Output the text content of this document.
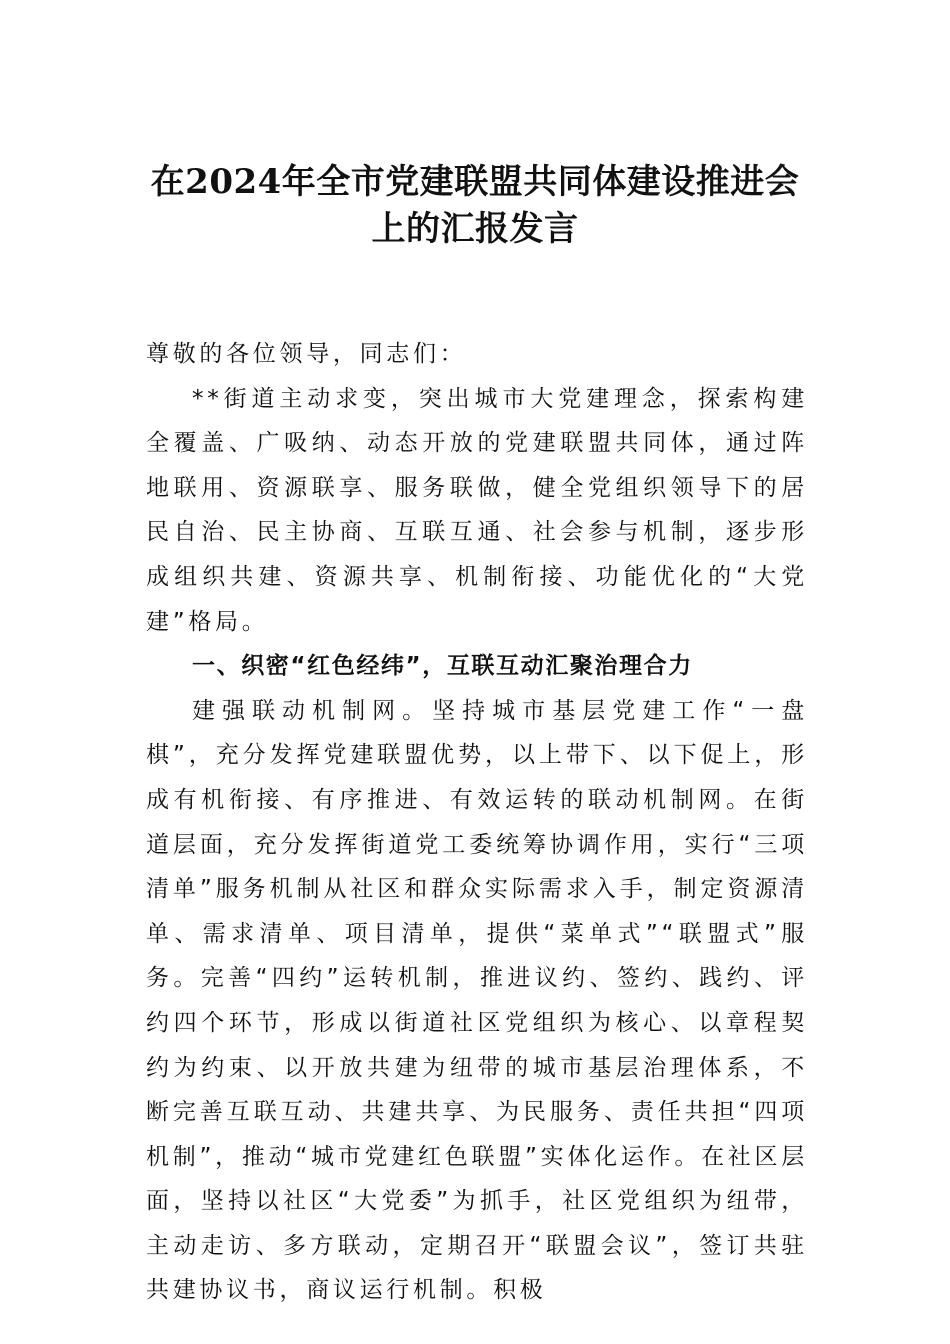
在2024年全市党建联盟共同体建设推进会
上的汇报发言

尊敬的各位领导，同志们：

**街道主动求变，突出城市大党建理念，探索构建全覆盖、广吸纳、动态开放的党建联盟共同体，通过阵地联用、资源联享、服务联做，健全党组织领导下的居民自治、民主协商、互联互通、社会参与机制，逐步形成组织共建、资源共享、机制衔接、功能优化的“大党建”格局。

一、织密“红色经纬”，互联互动汇聚治理合力

建强联动机制网。坚持城市基层党建工作“一盘棋”，充分发挥党建联盟优势，以上带下、以下促上，形成有机衔接、有序推进、有效运转的联动机制网。在街道层面，充分发挥街道党工委统筹协调作用，实行“三项清单”服务机制从社区和群众实际需求入手，制定资源清单、需求清单、项目清单，提供“菜单式”“联盟式”服务。完善“四约”运转机制，推进议约、签约、践约、评约四个环节，形成以街道社区党组织为核心、以章程契约为约束、以开放共建为纽带的城市基层治理体系，不断完善互联互动、共建共享、为民服务、责任共担“四项机制”，推动“城市党建红色联盟”实体化运作。在社区层面，坚持以社区“大党委”为抓手，社区党组织为纽带，主动走访、多方联动，定期召开“联盟会议”，签订共驻共建协议书，商议运行机制。积极
